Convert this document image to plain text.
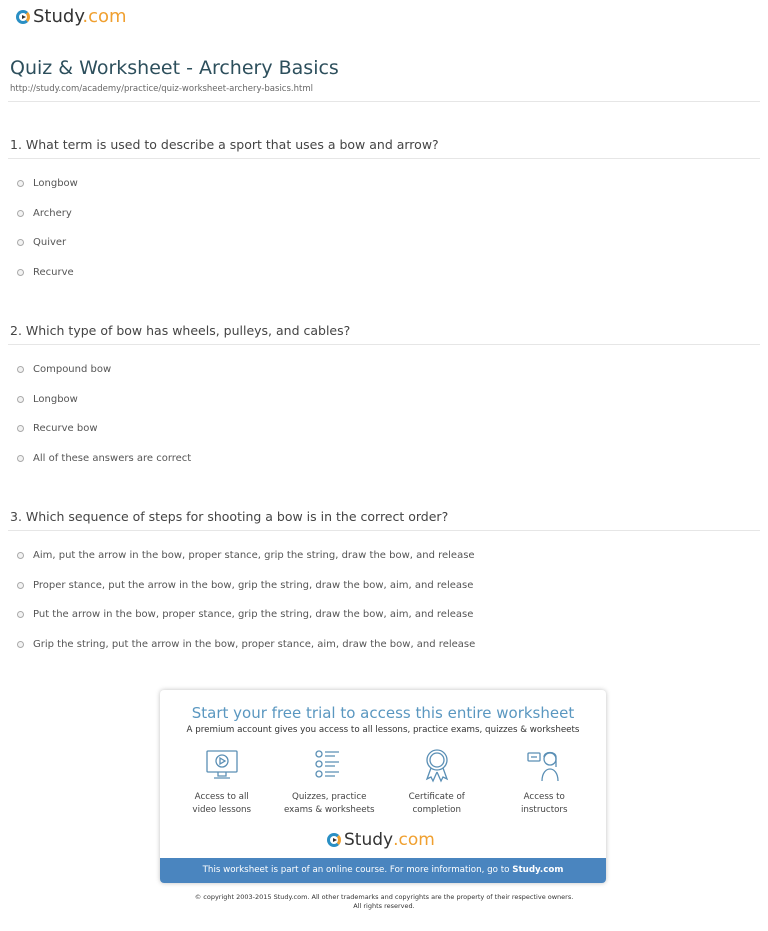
Study.com
Quiz & Worksheet - Archery Basics
http://study.com/academy/practice/quiz-worksheet-archery-basics.html
1. What term is used to describe a sport that uses a bow and arrow?
Longbow
Archery
Quiver
Recurve
2. Which type of bow has wheels, pulleys, and cables?
Compound bow
Longbow
Recurve bow
All of these answers are correct
3. Which sequence of steps for shooting a bow is in the correct order?
Aim, put the arrow in the bow, proper stance, grip the string, draw the bow, and release
Proper stance, put the arrow in the bow, grip the string, draw the bow, aim, and release
Put the arrow in the bow, proper stance, grip the string, draw the bow, aim, and release
Grip the string, put the arrow in the bow, proper stance, aim, draw the bow, and release
Start your free trial to access this entire worksheet
A premium account gives you access to all lessons, practice exams, quizzes & worksheets
Access to all
video lessons
Quizzes, practice
exams & worksheets
Certificate of
completion
Access to
instructors
Study .com
This worksheet is part of an online course. For more information, go to Study.com
© copyright 2003-2015 Study.com. All other trademarks and copyrights are the property of their respective owners.
All rights reserved.
